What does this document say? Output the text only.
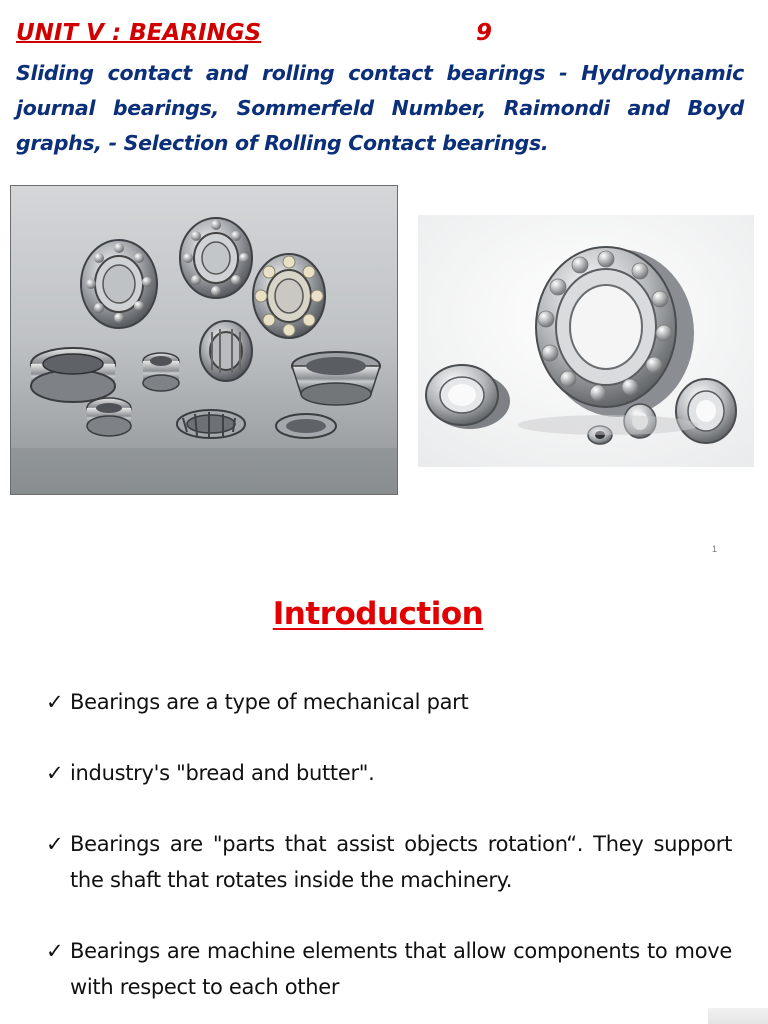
UNIT V : BEARINGS	9
Sliding contact and rolling contact bearings - Hydrodynamic journal bearings, Sommerfeld Number, Raimondi and Boyd graphs, - Selection of Rolling Contact bearings.
1
Introduction
✓ Bearings are a type of mechanical part
✓ industry's "bread and butter".
✓ Bearings are "parts that assist objects rotation“. They support the shaft that rotates inside the machinery.
✓ Bearings are machine elements that allow components to move with respect to each other
